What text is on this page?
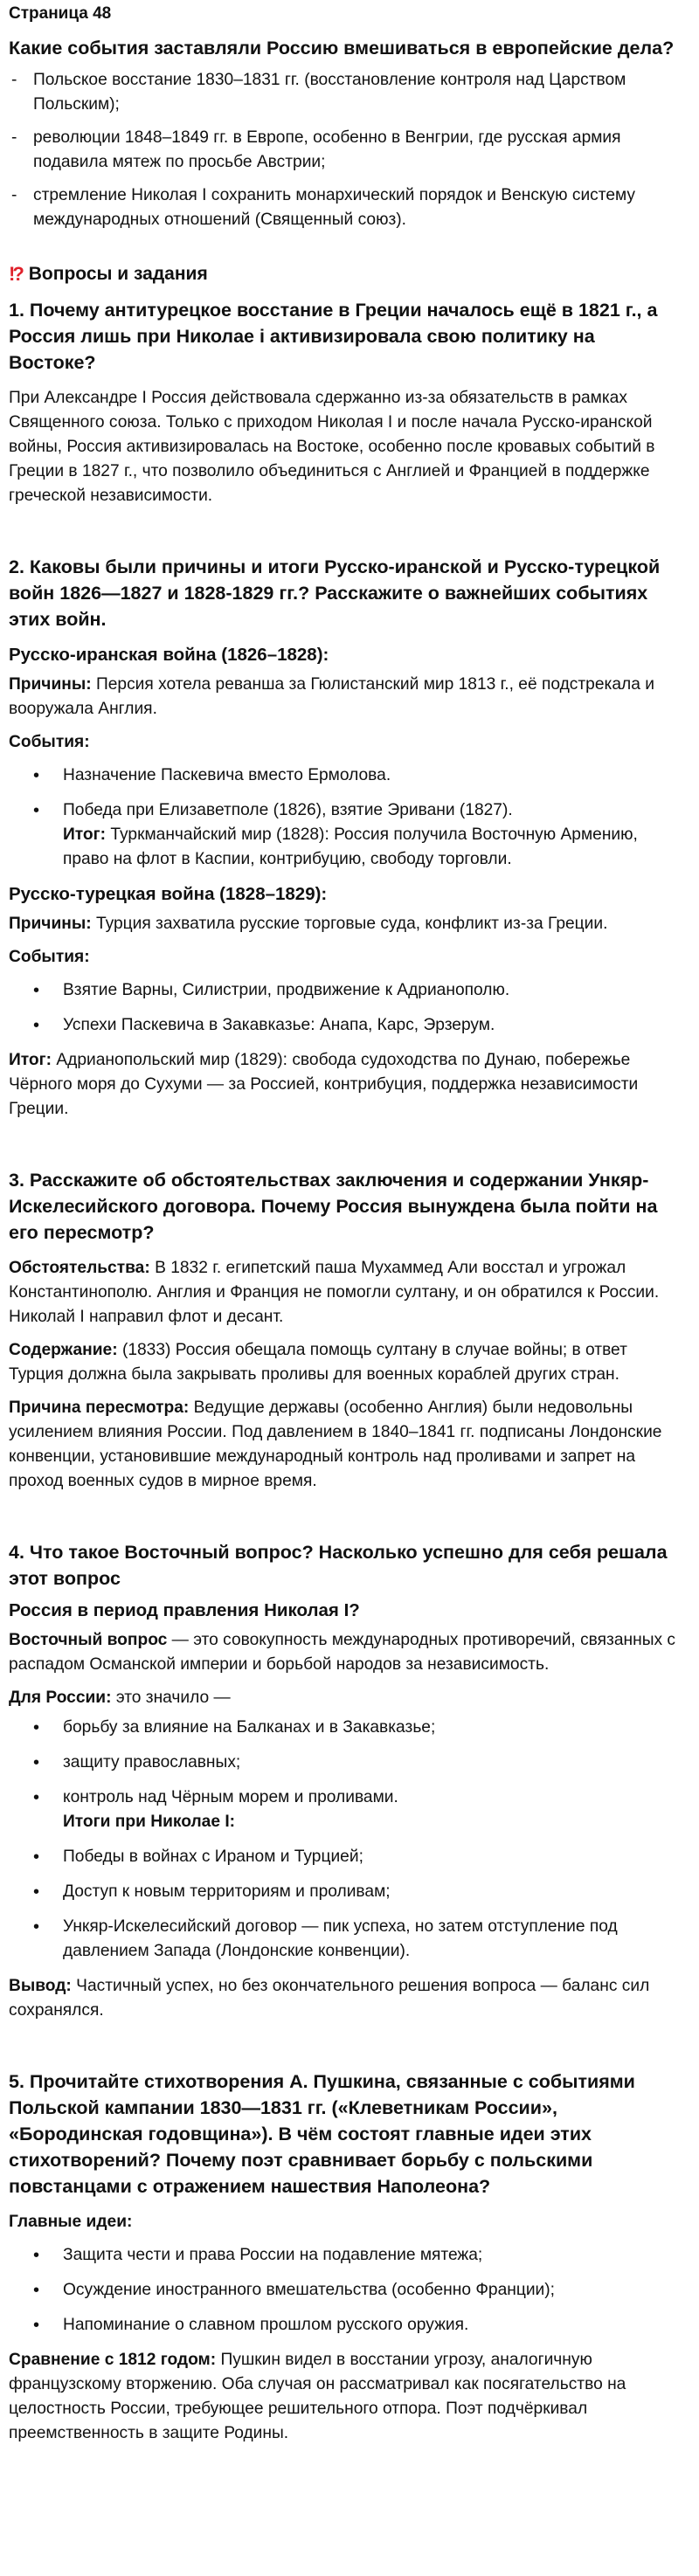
Страница 48
Какие события заставляли Россию вмешиваться в европейские дела?
- Польское восстание 1830–1831 гг. (восстановление контроля над Царством Польским);
- революции 1848–1849 гг. в Европе, особенно в Венгрии, где русская армия подавила мятеж по просьбе Австрии;
- стремление Николая I сохранить монархический порядок и Венскую систему международных отношений (Священный союз).
!? Вопросы и задания
1. Почему антитурецкое восстание в Греции началось ещё в 1821 г., а Россия лишь при Николае і активизировала свою политику на Востоке?

При Александре I Россия действовала сдержанно из-за обязательств в рамках Священного союза. Только с приходом Николая I и после начала Русско-иранской войны, Россия активизировалась на Востоке, особенно после кровавых событий в Греции в 1827 г., что позволило объединиться с Англией и Францией в поддержке греческой независимости.

2. Каковы были причины и итоги Русско-иранской и Русско-турецкой войн 1826—1827 и 1828-1829 гг.? Расскажите о важнейших событиях этих войн.
Русско-иранская война (1826–1828):

Причины: Персия хотела реванша за Гюлистанский мир 1813 г., её подстрекала и вооружала Англия.

События:

• Назначение Паскевича вместо Ермолова.
• Победа при Елизаветполе (1826), взятие Эривани (1827).
Итог: Туркманчайский мир (1828): Россия получила Восточную Армению, право на флот в Каспии, контрибуцию, свободу торговли.
Русско-турецкая война (1828–1829):

Причины: Турция захватила русские торговые суда, конфликт из-за Греции.

События:

• Взятие Варны, Силистрии, продвижение к Адрианополю.
• Успехи Паскевича в Закавказье: Анапа, Карс, Эрзерум.

Итог: Адрианопольский мир (1829): свобода судоходства по Дунаю, побережье Чёрного моря до Сухуми — за Россией, контрибуция, поддержка независимости Греции.

3. Расскажите об обстоятельствах заключения и содержании Ункяр-Искелесийского договора. Почему Россия вынуждена была пойти на его пересмотр?

Обстоятельства: В 1832 г. египетский паша Мухаммед Али восстал и угрожал Константинополю. Англия и Франция не помогли султану, и он обратился к России. Николай I направил флот и десант.

Содержание: (1833) Россия обещала помощь султану в случае войны; в ответ Турция должна была закрывать проливы для военных кораблей других стран.

Причина пересмотра: Ведущие державы (особенно Англия) были недовольны усилением влияния России. Под давлением в 1840–1841 гг. подписаны Лондонские конвенции, установившие международный контроль над проливами и запрет на проход военных судов в мирное время.

4. Что такое Восточный вопрос? Насколько успешно для себя решала этот вопрос
Россия в период правления Николая I?

Восточный вопрос — это совокупность международных противоречий, связанных с распадом Османской империи и борьбой народов за независимость.

Для России: это значило —

• борьбу за влияние на Балканах и в Закавказье;
• защиту православных;
• контроль над Чёрным морем и проливами.
Итоги при Николае I:
• Победы в войнах с Ираном и Турцией;
• Доступ к новым территориям и проливам;
• Ункяр-Искелесийский договор — пик успеха, но затем отступление под давлением Запада (Лондонские конвенции).

Вывод: Частичный успех, но без окончательного решения вопроса — баланс сил сохранялся.

5. Прочитайте стихотворения А. Пушкина, связанные с событиями Польской кампании 1830—1831 гг. («Клеветникам России», «Бородинская годовщина»). В чём состоят главные идеи этих стихотворений? Почему поэт сравнивает борьбу с польскими повстанцами с отражением нашествия Наполеона?

Главные идеи:

• Защита чести и права России на подавление мятежа;
• Осуждение иностранного вмешательства (особенно Франции);
• Напоминание о славном прошлом русского оружия.

Сравнение с 1812 годом: Пушкин видел в восстании угрозу, аналогичную французскому вторжению. Оба случая он рассматривал как посягательство на целостность России, требующее решительного отпора. Поэт подчёркивал преемственность в защите Родины.
